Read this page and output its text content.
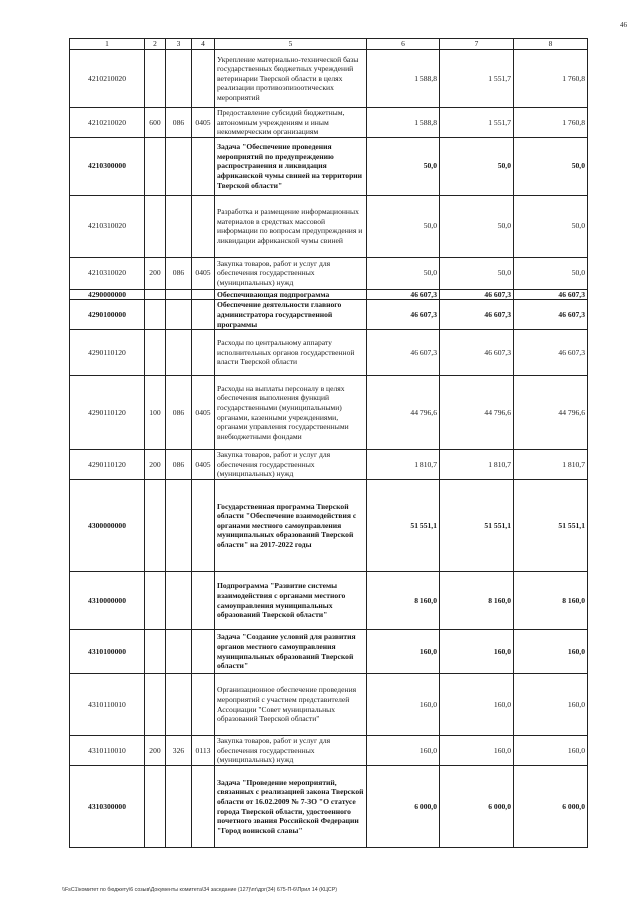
46
1	2	3	4	5	6	7	8
4210210020				Укрепление материально-технической базы государственных бюджетных учреждений ветеринарии Тверской области в целях реализации противоэпизоотических мероприятий	1 588,8	1 551,7	1 760,8
4210210020	600	086	0405	Предоставление субсидий бюджетным, автономным учреждениям и иным некоммерческим организациям	1 588,8	1 551,7	1 760,8
4210300000				Задача "Обеспечение проведения мероприятий по предупреждению распространения и ликвидация африканской чумы свиней на территории Тверской области"	50,0	50,0	50,0
4210310020				Разработка и размещение информационных материалов в средствах массовой информации по вопросам предупреждения и ликвидации африканской чумы свиней	50,0	50,0	50,0
4210310020	200	086	0405	Закупка товаров, работ и услуг для обеспечения государственных (муниципальных) нужд	50,0	50,0	50,0
4290000000				Обеспечивающая подпрограмма	46 607,3	46 607,3	46 607,3
4290100000				Обеспечение деятельности главного администратора государственной программы	46 607,3	46 607,3	46 607,3
4290110120				Расходы по центральному аппарату исполнительных органов государственной власти Тверской области	46 607,3	46 607,3	46 607,3
4290110120	100	086	0405	Расходы на выплаты персоналу в целях обеспечения выполнения функций государственными (муниципальными) органами, казенными учреждениями, органами управления государственными внебюджетными фондами	44 796,6	44 796,6	44 796,6
4290110120	200	086	0405	Закупка товаров, работ и услуг для обеспечения государственных (муниципальных) нужд	1 810,7	1 810,7	1 810,7
4300000000				Государственная программа Тверской области "Обеспечение взаимодействия с органами местного самоуправления муниципальных образований Тверской области" на 2017-2022 годы	51 551,1	51 551,1	51 551,1
4310000000				Подпрограмма "Развитие системы взаимодействия с органами местного самоуправления муниципальных образований Тверской области"	8 160,0	8 160,0	8 160,0
4310100000				Задача "Создание условий для развития органов местного самоуправления муниципальных образований Тверской области"	160,0	160,0	160,0
4310110010				Организационное обеспечение проведения мероприятий с участием представителей Ассоциации "Совет муниципальных образований Тверской области"	160,0	160,0	160,0
4310110010	200	326	0113	Закупка товаров, работ и услуг для обеспечения государственных (муниципальных) нужд	160,0	160,0	160,0
4310300000				Задача "Проведение мероприятий, связанных с реализацией закона Тверской области от 16.02.2009 № 7-ЗО "О статусе города Тверской области, удостоенного почетного звания Российской Федерации "Город воинской славы"	6 000,0	6 000,0	6 000,0
\\FsC1\комитет по бюджету\6 созыв\Документы комитета\34 заседание (127)\пг\дрг(34) 675-П-6\Прил 14 (КЦСР)
